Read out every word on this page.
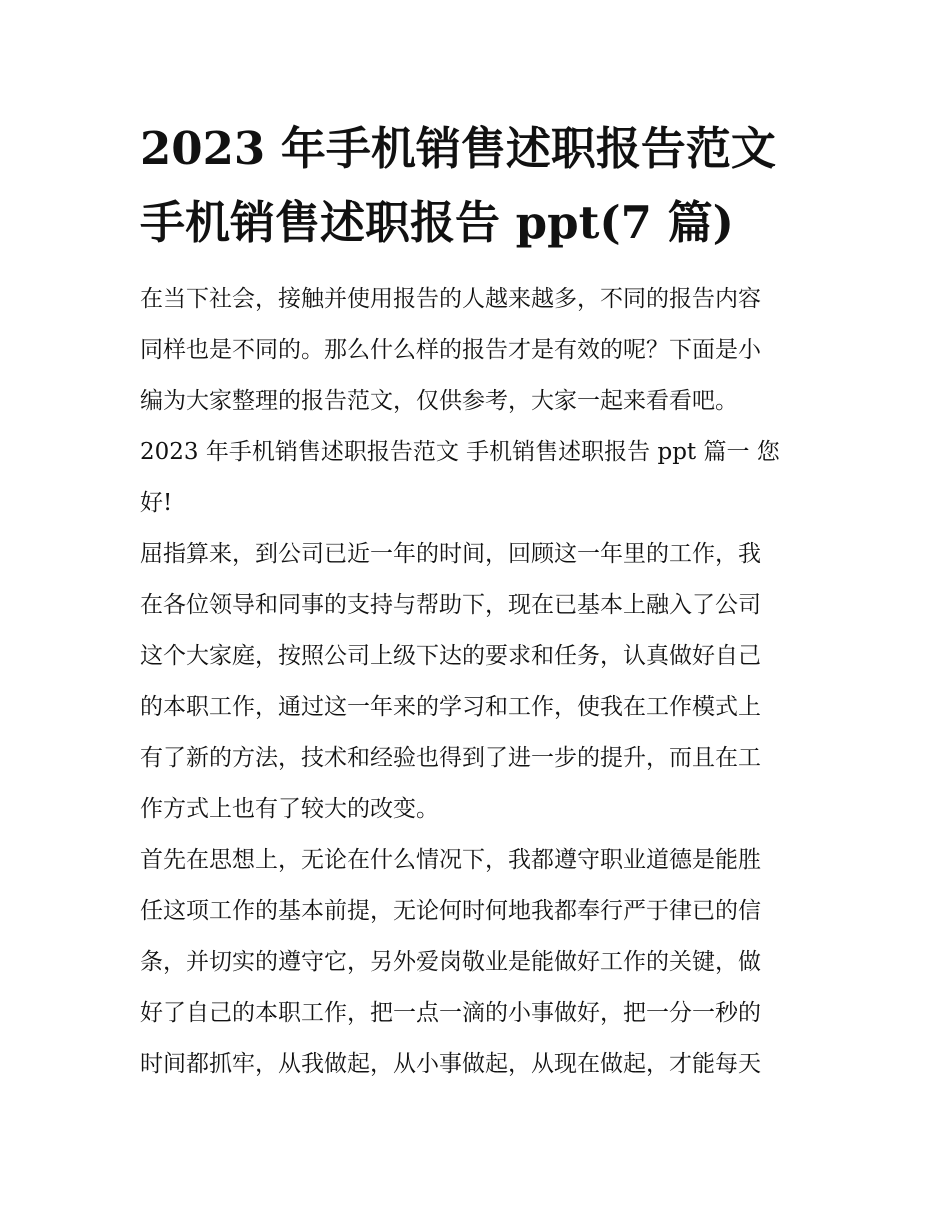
2023 年手机销售述职报告范文
手机销售述职报告 ppt(7 篇)

在当下社会，接触并使用报告的人越来越多，不同的报告内容
同样也是不同的。那么什么样的报告才是有效的呢？下面是小
编为大家整理的报告范文，仅供参考，大家一起来看看吧。

2023 年手机销售述职报告范文 手机销售述职报告 ppt 篇一 您
好!

屈指算来，到公司已近一年的时间，回顾这一年里的工作，我
在各位领导和同事的支持与帮助下，现在已基本上融入了公司
这个大家庭，按照公司上级下达的要求和任务，认真做好自己
的本职工作，通过这一年来的学习和工作，使我在工作模式上
有了新的方法，技术和经验也得到了进一步的提升，而且在工
作方式上也有了较大的改变。

首先在思想上，无论在什么情况下，我都遵守职业道德是能胜
任这项工作的基本前提，无论何时何地我都奉行严于律已的信
条，并切实的遵守它，另外爱岗敬业是能做好工作的关键，做
好了自己的本职工作，把一点一滴的小事做好，把一分一秒的
时间都抓牢，从我做起，从小事做起，从现在做起，才能每天
